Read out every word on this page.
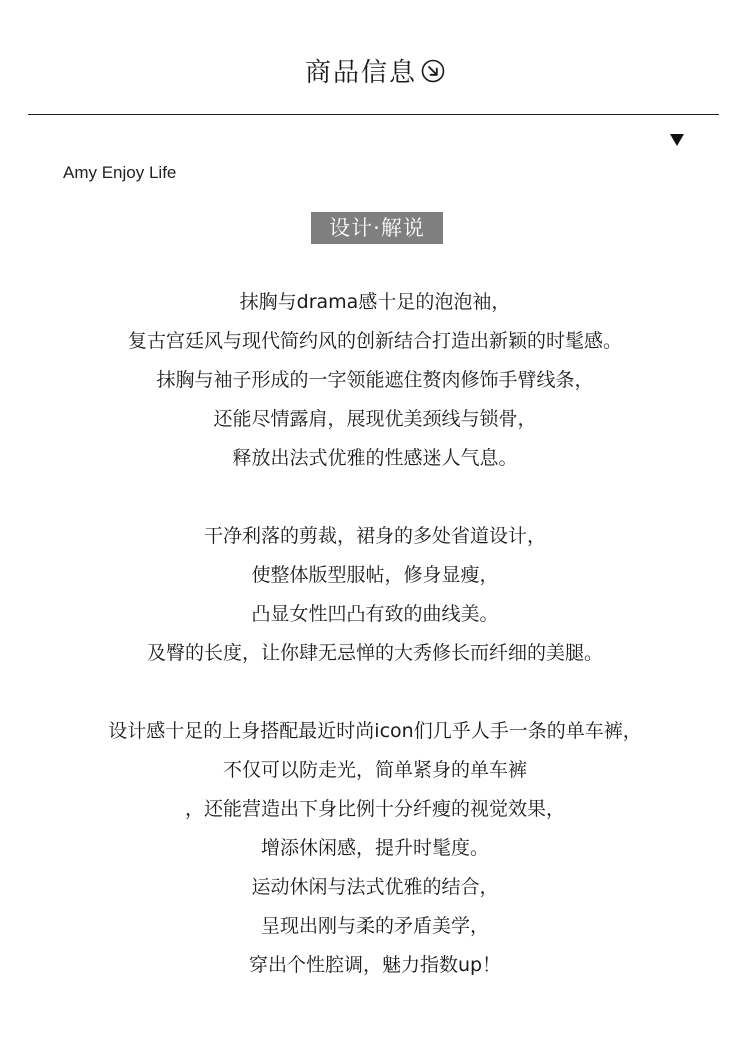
商品信息
Amy Enjoy Life
设计·解说
抹胸与drama感十足的泡泡袖，
复古宫廷风与现代简约风的创新结合打造出新颖的时髦感。
抹胸与袖子形成的一字领能遮住赘肉修饰手臂线条，
还能尽情露肩，展现优美颈线与锁骨，
释放出法式优雅的性感迷人气息。
干净利落的剪裁，裙身的多处省道设计，
使整体版型服帖，修身显瘦，
凸显女性凹凸有致的曲线美。
及臀的长度，让你肆无忌惮的大秀修长而纤细的美腿。
设计感十足的上身搭配最近时尚icon们几乎人手一条的单车裤，
不仅可以防走光，简单紧身的单车裤
，还能营造出下身比例十分纤瘦的视觉效果，
增添休闲感，提升时髦度。
运动休闲与法式优雅的结合，
呈现出刚与柔的矛盾美学，
穿出个性腔调，魅力指数up！
